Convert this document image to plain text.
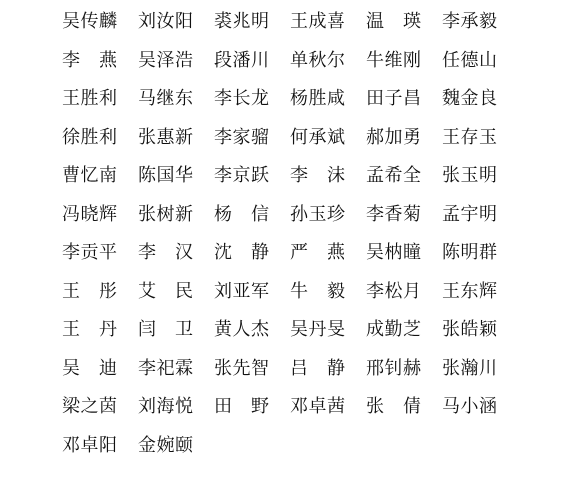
吴传麟	刘汝阳	裘兆明	王成喜	温　瑛	李承毅
李　燕	吴泽浩	段潘川	单秋尔	牛维刚	任德山
王胜利	马继东	李长龙	杨胜咸	田子昌	魏金良
徐胜利	张惠新	李家骝	何承斌	郝加勇	王存玉
曹忆南	陈国华	李京跃	李　沫	孟希全	张玉明
冯晓辉	张树新	杨　信	孙玉珍	李香菊	孟宇明
李贡平	李　汉	沈　静	严　燕	吴枘瞳	陈明群
王　彤	艾　民	刘亚军	牛　毅	李松月	王东辉
王　丹	闫　卫	黄人杰	吴丹旻	成勤芝	张皓颖
吴　迪	李祀霖	张先智	吕　静	邢钊赫	张瀚川
梁之茵	刘海悦	田　野	邓卓茜	张　倩	马小涵
邓卓阳	金婉颐
